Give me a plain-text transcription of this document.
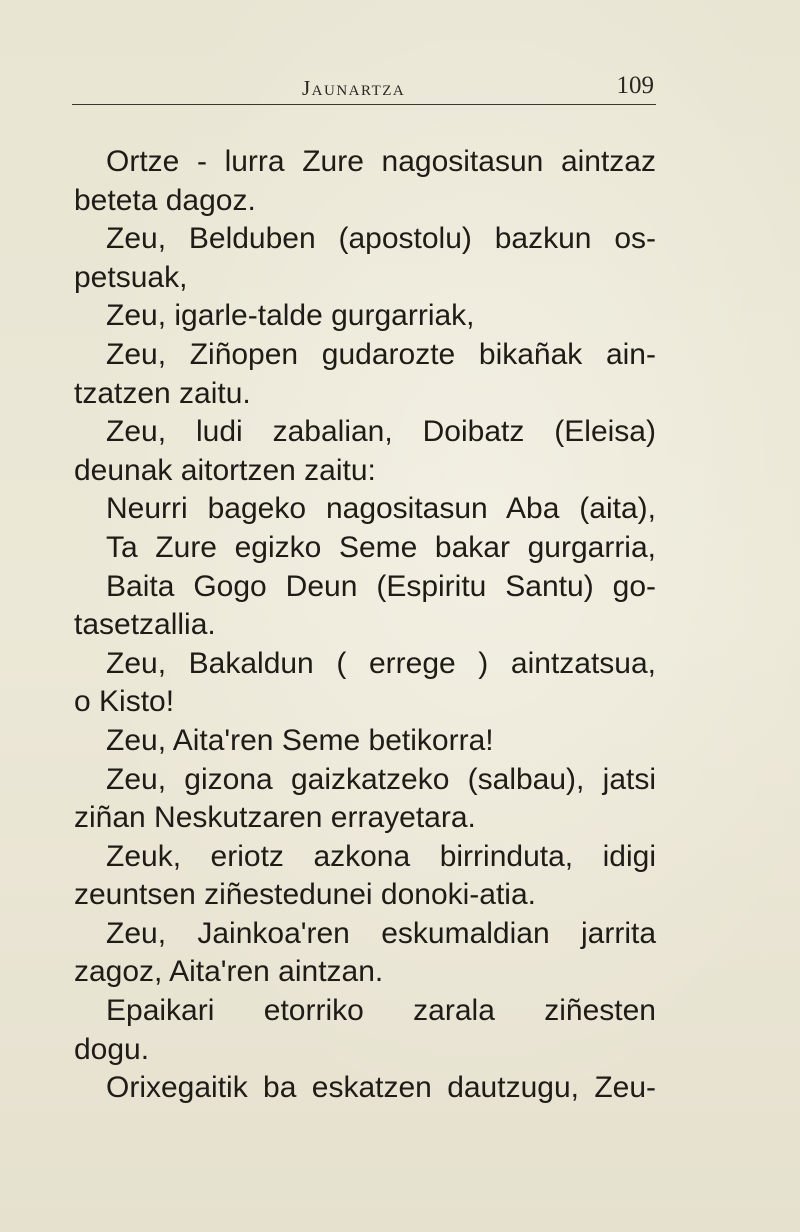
Jaunartza	109
Ortze - lurra Zure nagositasun aintzaz
beteta dagoz.
Zeu, Belduben (apostolu) bazkun os-
petsuak,
Zeu, igarle-talde gurgarriak,
Zeu, Ziñopen gudarozte bikañak ain-
tzatzen zaitu.
Zeu, ludi zabalian, Doibatz (Eleisa)
deunak aitortzen zaitu:
Neurri bageko nagositasun Aba (aita),
Ta Zure egizko Seme bakar gurgarria,
Baita Gogo Deun (Espiritu Santu) go-
tasetzallia.
Zeu, Bakaldun ( errege ) aintzatsua,
o Kisto!
Zeu, Aita'ren Seme betikorra!
Zeu, gizona gaizkatzeko (salbau), jatsi
ziñan Neskutzaren errayetara.
Zeuk, eriotz azkona birrinduta, idigi
zeuntsen ziñestedunei donoki-atia.
Zeu, Jainkoa'ren eskumaldian jarrita
zagoz, Aita'ren aintzan.
Epaikari etorriko zarala ziñesten
dogu.
Orixegaitik ba eskatzen dautzugu, Zeu-
